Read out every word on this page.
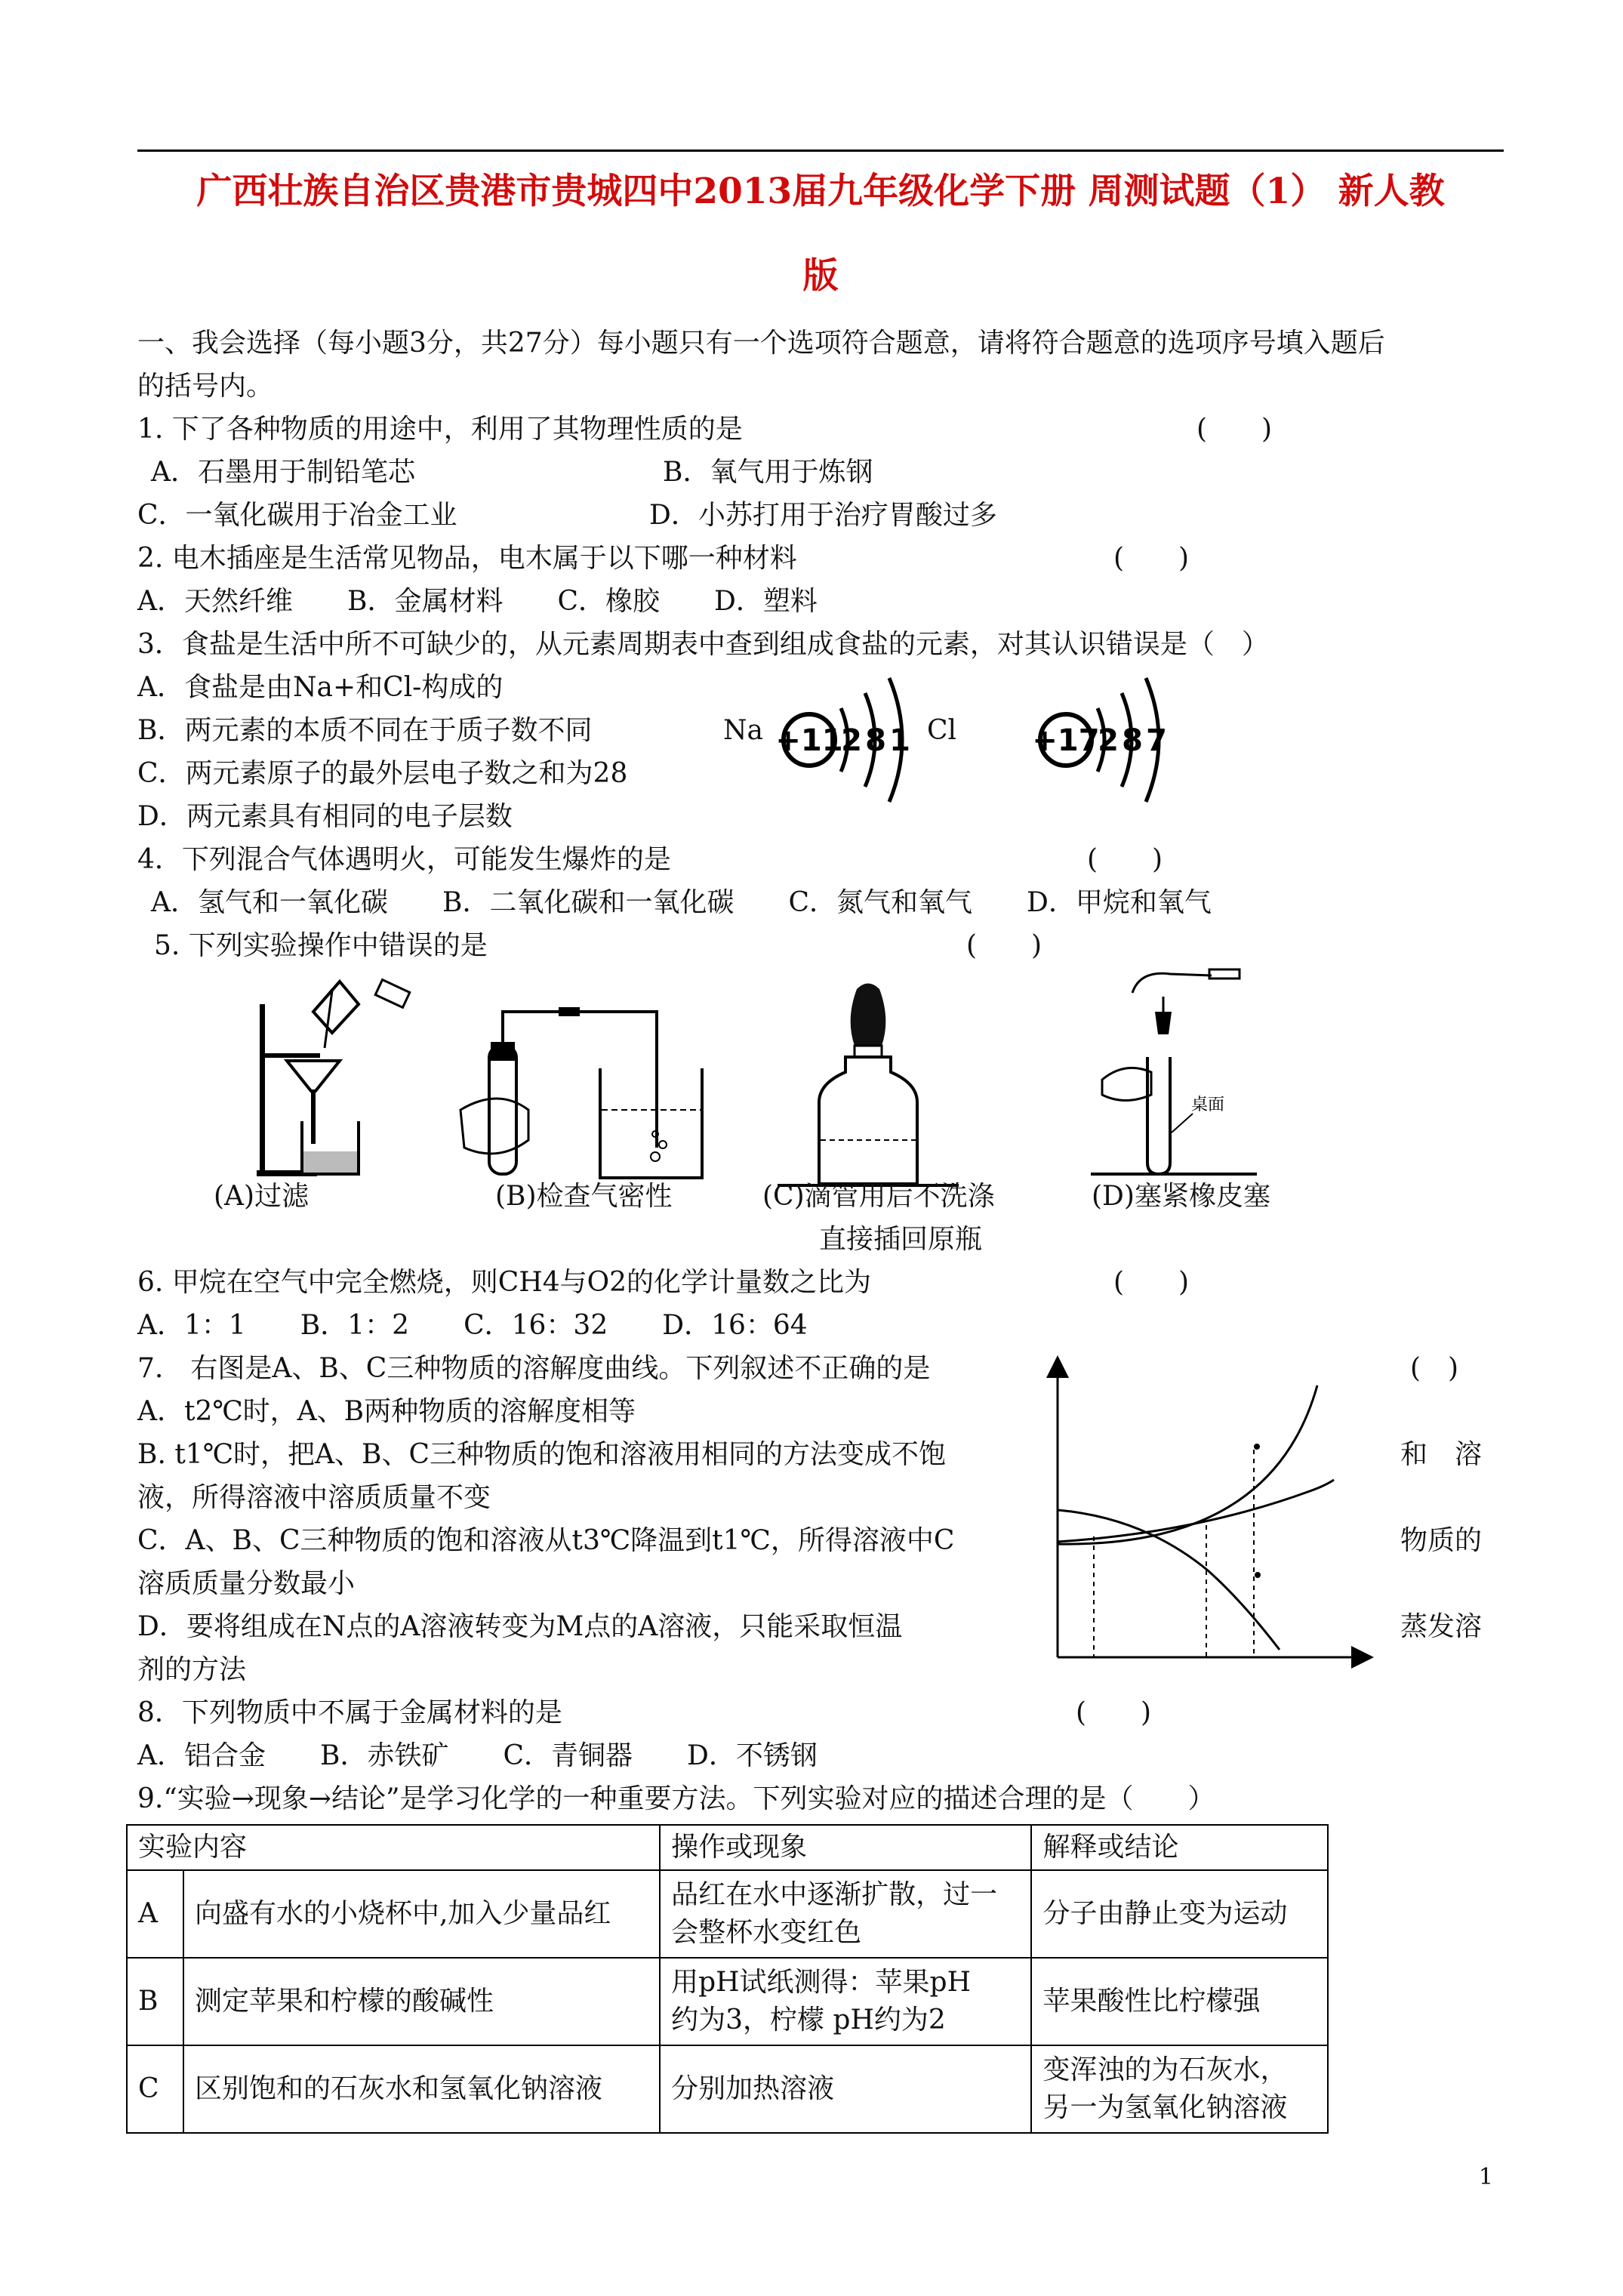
广西壮族自治区贵港市贵城四中2013届九年级化学下册 周测试题（1） 新人教
版
一、我会选择（每小题3分，共27分）每小题只有一个选项符合题意，请将符合题意的选项序号填入题后
的括号内。
1. 下了各种物质的用途中，利用了其物理性质的是	(　　)
A．石墨用于制铅笔芯	B．氧气用于炼钢
C．一氧化碳用于冶金工业	D．小苏打用于治疗胃酸过多
2. 电木插座是生活常见物品，电木属于以下哪一种材料	(　　)
A．天然纤维　　B．金属材料　　C．橡胶　　D．塑料
3．食盐是生活中所不可缺少的，从元素周期表中查到组成食盐的元素，对其认识错误是（　）
A．食盐是由Na+和Cl-构成的
B．两元素的本质不同在于质子数不同
C．两元素原子的最外层电子数之和为28
D．两元素具有相同的电子层数
Na	Cl
+11
2 8 1	+17
2 8 7
4．下列混合气体遇明火，可能发生爆炸的是	(　　)
A．氢气和一氧化碳　　B．二氧化碳和一氧化碳　　C．氮气和氧气　　D．甲烷和氧气
5. 下列实验操作中错误的是	(　　)
桌面
(A)过滤	(B)检查气密性	(C)滴管用后不洗涤
直接插回原瓶
(D)塞紧橡皮塞
6. 甲烷在空气中完全燃烧，则CH4与O2的化学计量数之比为	(　　)
A．1：1　　B．1：2　　C．16：32　　D．16：64
7.　右图是A、B、C三种物质的溶解度曲线。下列叙述不正确的是	(　)
A．t2℃时，A、B两种物质的溶解度相等
B. t1℃时，把A、B、C三种物质的饱和溶液用相同的方法变成不饱	和　溶
液，所得溶液中溶质质量不变
C．A、B、C三种物质的饱和溶液从t3℃降温到t1℃，所得溶液中C	物质的
溶质质量分数最小
D．要将组成在N点的A溶液转变为M点的A溶液，只能采取恒温	蒸发溶
剂的方法
8．下列物质中不属于金属材料的是	(　　)
A．铝合金　　B．赤铁矿　　C．青铜器　　D．不锈钢
9.“实验→现象→结论”是学习化学的一种重要方法。下列实验对应的描述合理的是（　　）
实验内容		操作或现象	解释或结论
A	向盛有水的小烧杯中,加入少量品红	品红在水中逐渐扩散，过一
会整杯水变红色	分子由静止变为运动
B	测定苹果和柠檬的酸碱性	用pH试纸测得：苹果pH
约为3，柠檬 pH约为2	苹果酸性比柠檬强
C	区别饱和的石灰水和氢氧化钠溶液	分别加热溶液	变浑浊的为石灰水，
另一为氢氧化钠溶液
1
